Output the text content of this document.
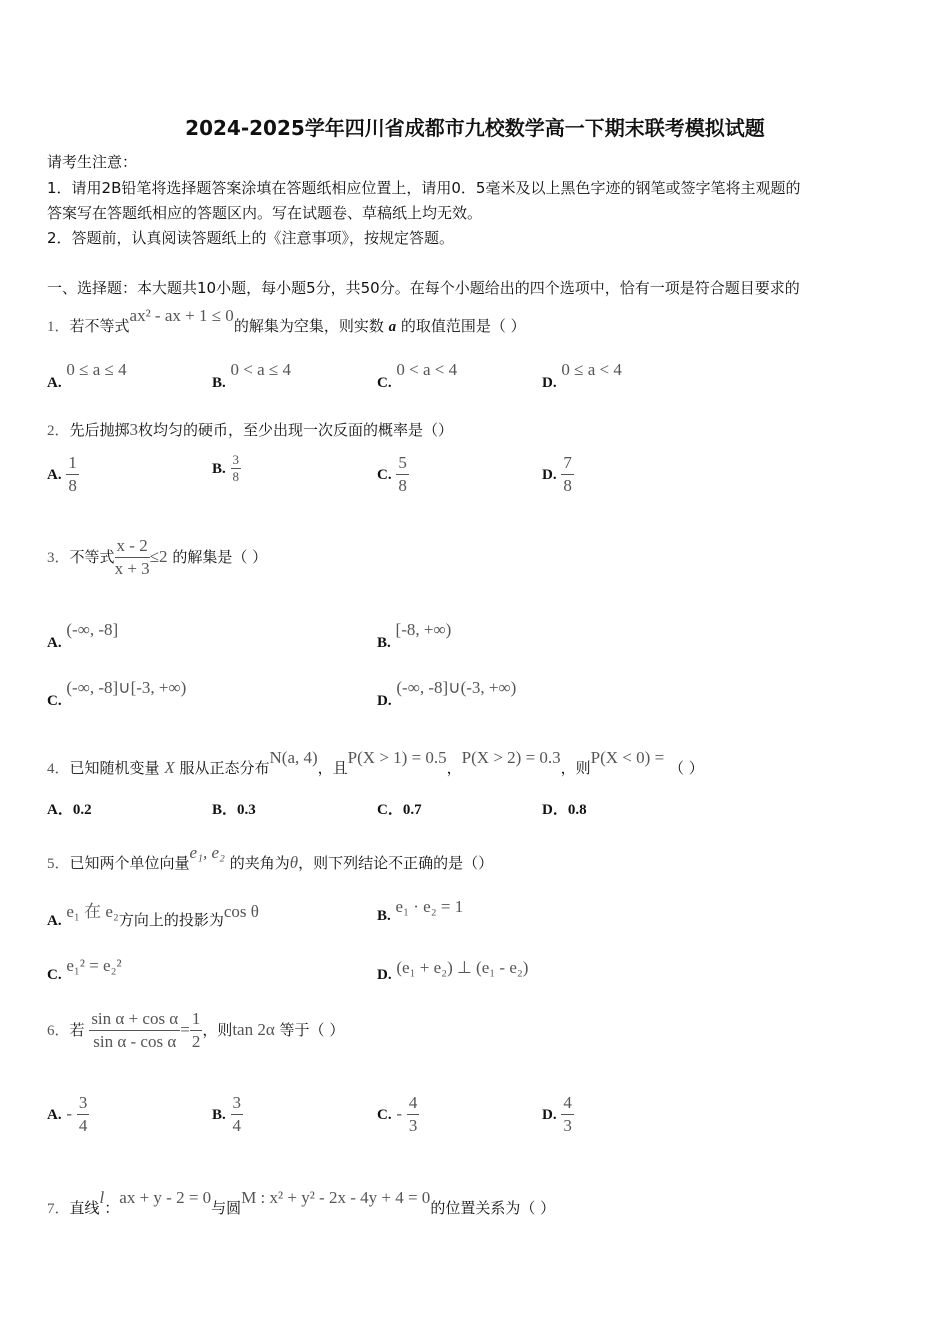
2024-2025学年四川省成都市九校数学高一下期末联考模拟试题
请考生注意：
1．请用2B铅笔将选择题答案涂填在答题纸相应位置上，请用0．5毫米及以上黑色字迹的钢笔或签字笔将主观题的
答案写在答题纸相应的答题区内。写在试题卷、草稿纸上均无效。
2．答题前，认真阅读答题纸上的《注意事项》，按规定答题。
一、选择题：本大题共10小题，每小题5分，共50分。在每个小题给出的四个选项中，恰有一项是符合题目要求的
1．若不等式ax² - ax + 1 ≤ 0的解集为空集，则实数 a 的取值范围是（ ）
A. 0 ≤ a ≤ 4
B. 0 < a ≤ 4
C. 0 < a < 4
D. 0 ≤ a < 4
2．先后抛掷3枚均匀的硬币，至少出现一次反面的概率是（）
A. $\frac{1}{8}$	B. $\frac{3}{8}$	C. $\frac{5}{8}$	D. $\frac{7}{8}$
3．不等式 $\frac{x - 2}{x + 3} \le 2$ 的解集是（ ）
A. (-∞, -8]
B. [-8, +∞)
C. (-∞, -8]∪[-3, +∞)
D. (-∞, -8]∪(-3, +∞)
4．已知随机变量 X 服从正态分布N(a, 4)，且P(X > 1) = 0.5，P(X > 2) = 0.3，则P(X < 0) = （ ）
A．0.2	B．0.3	C．0.7	D．0.8
5．已知两个单位向量e₁, e₂ 的夹角为θ，则下列结论不正确的是（）
A. e₁ 在 e₂方向上的投影为cos θ	B. e₁ · e₂ = 1
C. e₁² = e₂²	D. (e₁ + e₂) ⊥ (e₁ - e₂)
6．若 $\frac{\text{sin α + cos α}}{\text{sin α - cos α}} = \frac{1}{2}$ ，则tan 2α 等于（ ）
A. - $\frac{3}{4}$	B. $\frac{3}{4}$	C. - $\frac{4}{3}$	D. $\frac{4}{3}$
7．直线l：ax + y - 2 = 0与圆M : x² + y² - 2x - 4y + 4 = 0的位置关系为（ ）
